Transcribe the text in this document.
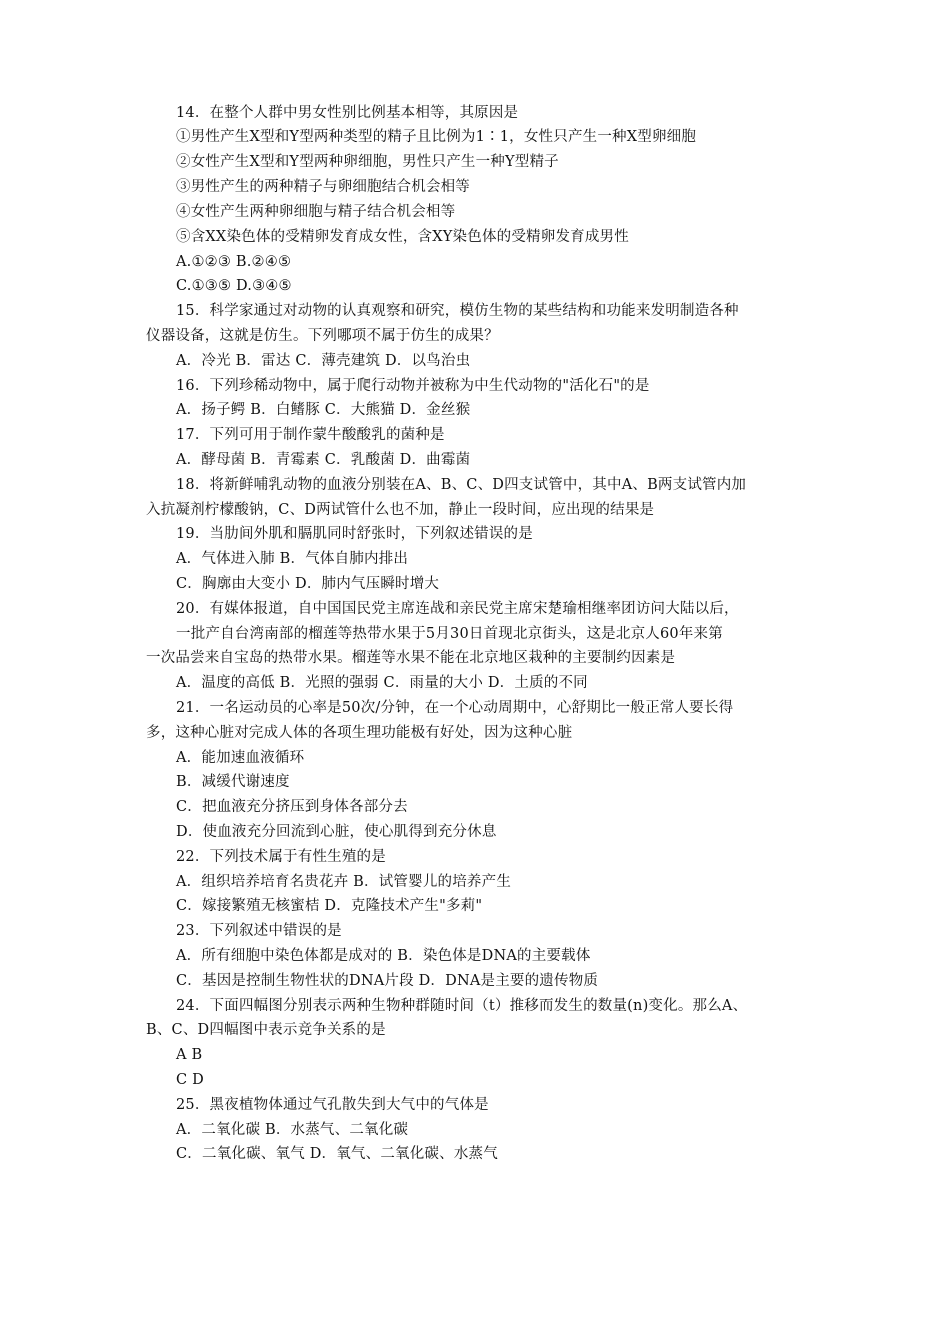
14．在整个人群中男女性别比例基本相等，其原因是
①男性产生X型和Y型两种类型的精子且比例为1∶1，女性只产生一种X型卵细胞
②女性产生X型和Y型两种卵细胞，男性只产生一种Y型精子
③男性产生的两种精子与卵细胞结合机会相等
④女性产生两种卵细胞与精子结合机会相等
⑤含XX染色体的受精卵发育成女性，含XY染色体的受精卵发育成男性
A.①②③ B.②④⑤
C.①③⑤ D.③④⑤
15．科学家通过对动物的认真观察和研究，模仿生物的某些结构和功能来发明制造各种
仪器设备，这就是仿生。下列哪项不属于仿生的成果？
A．冷光 B．雷达 C．薄壳建筑 D．以鸟治虫
16．下列珍稀动物中，属于爬行动物并被称为中生代动物的"活化石"的是
A．扬子鳄 B．白鳍豚 C．大熊猫 D．金丝猴
17．下列可用于制作蒙牛酸酸乳的菌种是
A．酵母菌 B．青霉素 C．乳酸菌 D．曲霉菌
18．将新鲜哺乳动物的血液分别装在A、B、C、D四支试管中，其中A、B两支试管内加
入抗凝剂柠檬酸钠，C、D两试管什么也不加，静止一段时间，应出现的结果是
19．当肋间外肌和膈肌同时舒张时，下列叙述错误的是
A．气体进入肺 B．气体自肺内排出
C．胸廓由大变小 D．肺内气压瞬时增大
20．有媒体报道，自中国国民党主席连战和亲民党主席宋楚瑜相继率团访问大陆以后，
一批产自台湾南部的榴莲等热带水果于5月30日首现北京街头，这是北京人60年来第
一次品尝来自宝岛的热带水果。榴莲等水果不能在北京地区栽种的主要制约因素是
A．温度的高低 B．光照的强弱 C．雨量的大小 D．土质的不同
21．一名运动员的心率是50次/分钟，在一个心动周期中，心舒期比一般正常人要长得
多，这种心脏对完成人体的各项生理功能极有好处，因为这种心脏
A．能加速血液循环
B．减缓代谢速度
C．把血液充分挤压到身体各部分去
D．使血液充分回流到心脏，使心肌得到充分休息
22．下列技术属于有性生殖的是
A．组织培养培育名贵花卉 B．试管婴儿的培养产生
C．嫁接繁殖无核蜜桔 D．克隆技术产生"多莉"
23．下列叙述中错误的是
A．所有细胞中染色体都是成对的 B．染色体是DNA的主要载体
C．基因是控制生物性状的DNA片段 D．DNA是主要的遗传物质
24．下面四幅图分别表示两种生物种群随时间（t）推移而发生的数量(n)变化。那么A、
B、C、D四幅图中表示竞争关系的是
A B
C D
25．黑夜植物体通过气孔散失到大气中的气体是
A．二氧化碳 B．水蒸气、二氧化碳
C．二氧化碳、氧气 D．氧气、二氧化碳、水蒸气
